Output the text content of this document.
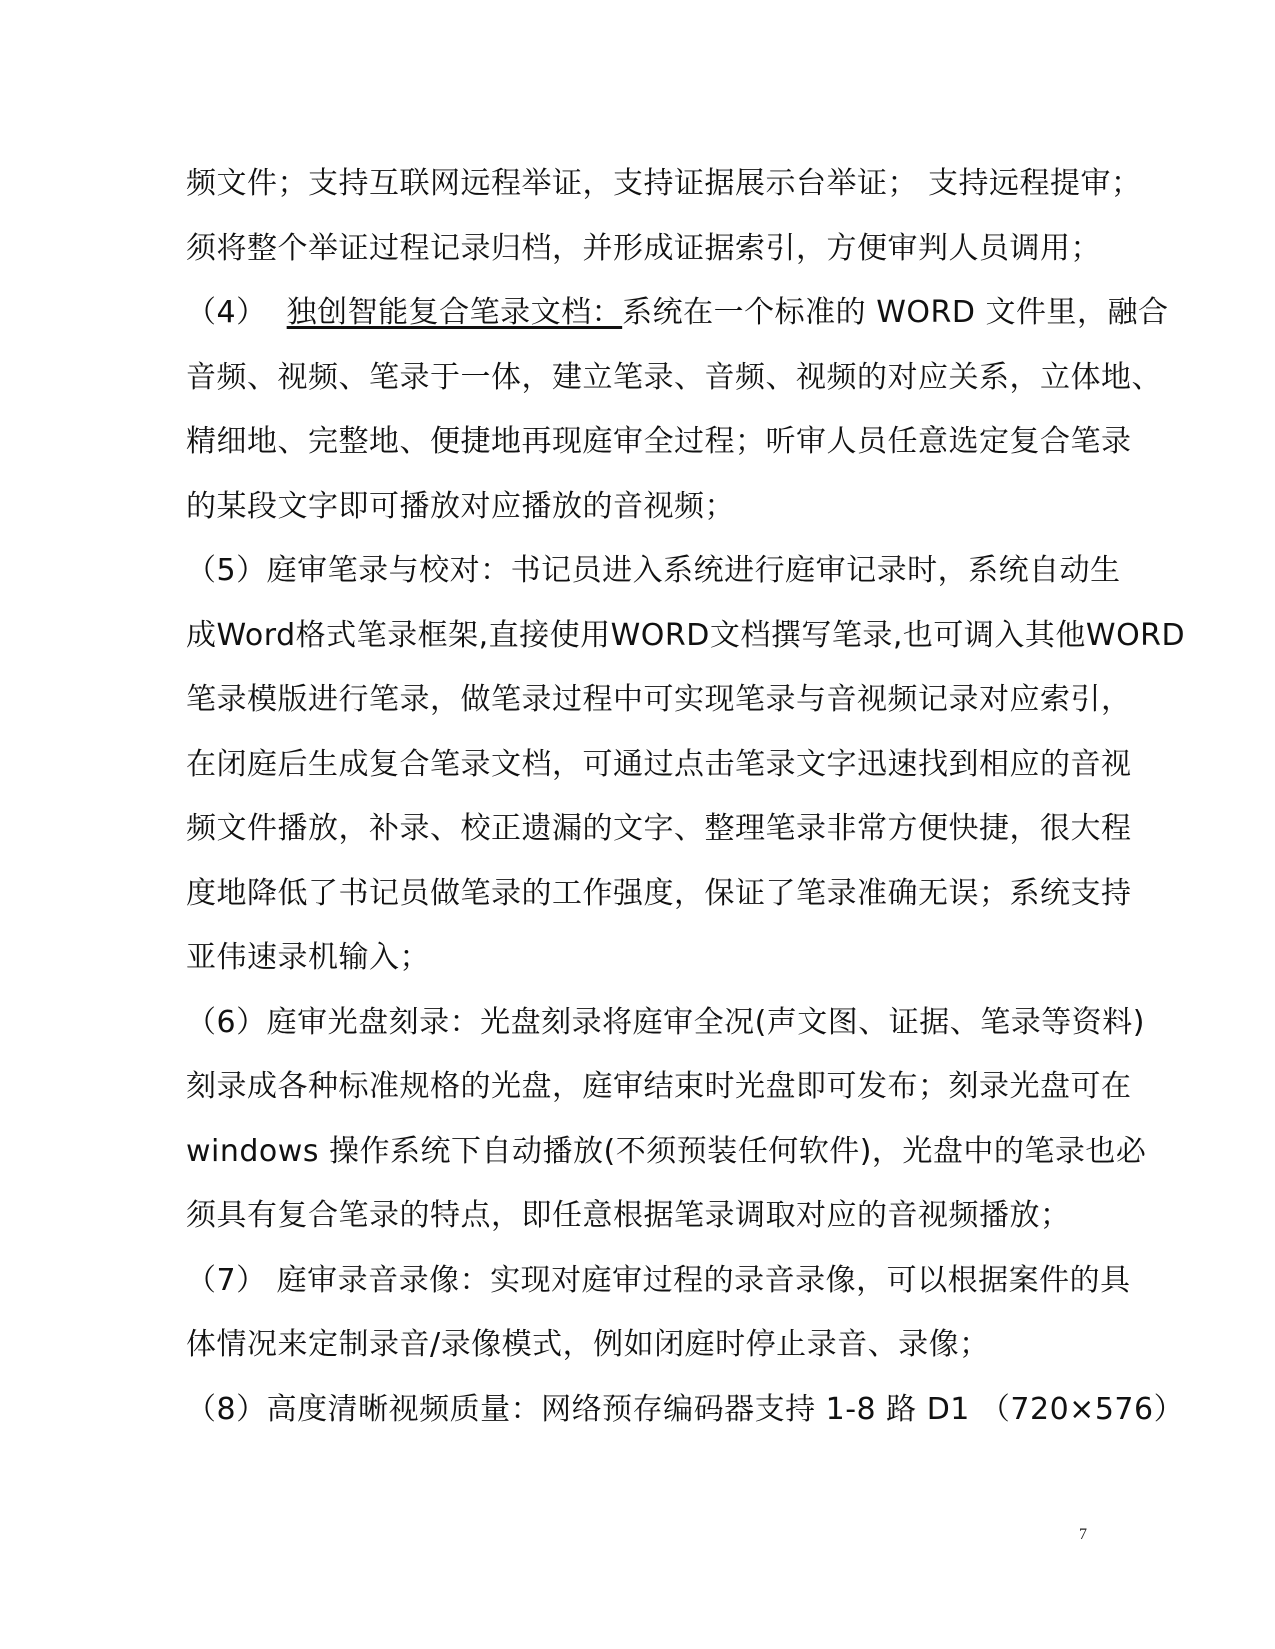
频文件；支持互联网远程举证，支持证据展示台举证； 支持远程提审；
须将整个举证过程记录归档，并形成证据索引，方便审判人员调用；
（4）  独创智能复合笔录文档：系统在一个标准的 WORD 文件里，融合
音频、视频、笔录于一体，建立笔录、音频、视频的对应关系，立体地、
精细地、完整地、便捷地再现庭审全过程；听审人员任意选定复合笔录
的某段文字即可播放对应播放的音视频；
（5）庭审笔录与校对：书记员进入系统进行庭审记录时，系统自动生
成Word格式笔录框架,直接使用WORD文档撰写笔录,也可调入其他WORD
笔录模版进行笔录，做笔录过程中可实现笔录与音视频记录对应索引，
在闭庭后生成复合笔录文档，可通过点击笔录文字迅速找到相应的音视
频文件播放，补录、校正遗漏的文字、整理笔录非常方便快捷，很大程
度地降低了书记员做笔录的工作强度，保证了笔录准确无误；系统支持
亚伟速录机输入；
（6）庭审光盘刻录：光盘刻录将庭审全况(声文图、证据、笔录等资料)
刻录成各种标准规格的光盘，庭审结束时光盘即可发布；刻录光盘可在
windows 操作系统下自动播放(不须预装任何软件)，光盘中的笔录也必
须具有复合笔录的特点，即任意根据笔录调取对应的音视频播放；
（7） 庭审录音录像：实现对庭审过程的录音录像，可以根据案件的具
体情况来定制录音/录像模式，例如闭庭时停止录音、录像；
（8）高度清晰视频质量：网络预存编码器支持 1-8 路 D1 （720×576）
7
